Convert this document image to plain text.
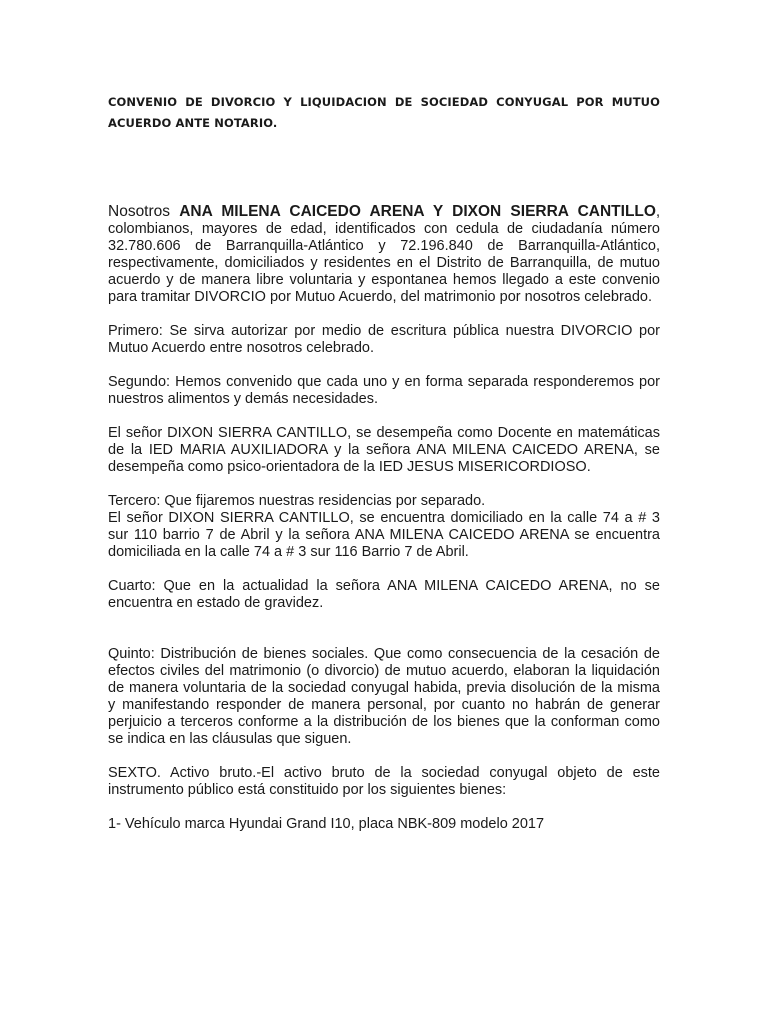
CONVENIO DE DIVORCIO Y LIQUIDACION DE SOCIEDAD CONYUGAL POR MUTUO ACUERDO ANTE NOTARIO.

Nosotros ANA MILENA CAICEDO ARENA Y DIXON SIERRA CANTILLO, colombianos, mayores de edad, identificados con cedula de ciudadanía número 32.780.606 de Barranquilla-Atlántico y 72.196.840 de Barranquilla-Atlántico, respectivamente, domiciliados y residentes en el Distrito de Barranquilla, de mutuo acuerdo y de manera libre voluntaria y espontanea hemos llegado a este convenio para tramitar DIVORCIO por Mutuo Acuerdo, del matrimonio por nosotros celebrado.

Primero: Se sirva autorizar por medio de escritura pública nuestra DIVORCIO por Mutuo Acuerdo entre nosotros celebrado.

Segundo: Hemos convenido que cada uno y en forma separada responderemos por nuestros alimentos y demás necesidades.

El señor DIXON SIERRA CANTILLO, se desempeña como Docente en matemáticas de la IED MARIA AUXILIADORA y la señora ANA MILENA CAICEDO ARENA, se desempeña como psico-orientadora de la IED JESUS MISERICORDIOSO.

Tercero: Que fijaremos nuestras residencias por separado.

El señor DIXON SIERRA CANTILLO, se encuentra domiciliado en la calle 74 a # 3 sur 110 barrio 7 de Abril y la señora ANA MILENA CAICEDO ARENA se encuentra domiciliada en la calle 74 a # 3 sur 116 Barrio 7 de Abril.

Cuarto: Que en la actualidad la señora ANA MILENA CAICEDO ARENA, no se encuentra en estado de gravidez.

Quinto: Distribución de bienes sociales. Que como consecuencia de la cesación de efectos civiles del matrimonio (o divorcio) de mutuo acuerdo, elaboran la liquidación de manera voluntaria de la sociedad conyugal habida, previa disolución de la misma y manifestando responder de manera personal, por cuanto no habrán de generar perjuicio a terceros conforme a la distribución de los bienes que la conforman como se indica en las cláusulas que siguen.

SEXTO. Activo bruto.-El activo bruto de la sociedad conyugal objeto de este instrumento público está constituido por los siguientes bienes:

1- Vehículo marca Hyundai Grand I10, placa NBK-809 modelo 2017
